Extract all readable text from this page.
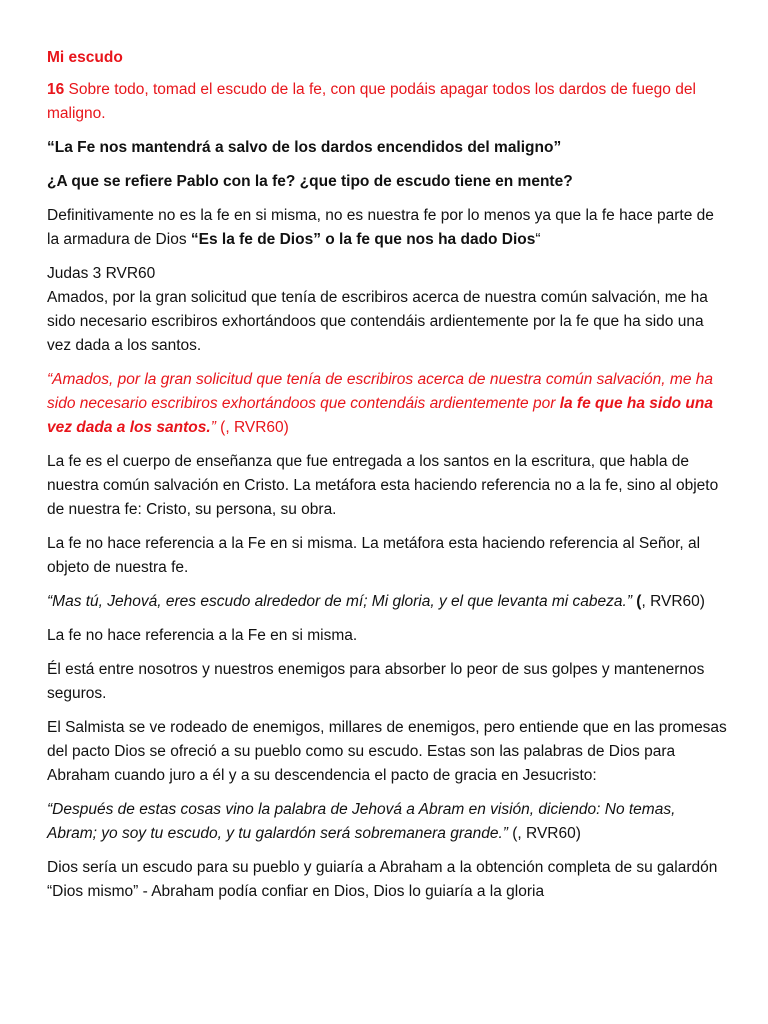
Mi escudo

16 Sobre todo, tomad el escudo de la fe, con que podáis apagar todos los dardos de fuego del maligno.

“La Fe nos mantendrá a salvo de los dardos encendidos del maligno”

¿A que se refiere Pablo con la fe? ¿que tipo de escudo tiene en mente?

Definitivamente no es la fe en si misma, no es nuestra fe por lo menos ya que la fe hace parte de la armadura de Dios “Es la fe de Dios” o la fe que nos ha dado Dios“

Judas 3 RVR60

Amados, por la gran solicitud que tenía de escribiros acerca de nuestra común salvación, me ha sido necesario escribiros exhortándoos que contendáis ardientemente por la fe que ha sido una vez dada a los santos.

“Amados, por la gran solicitud que tenía de escribiros acerca de nuestra común salvación, me ha sido necesario escribiros exhortándoos que contendáis ardientemente por la fe que ha sido una vez dada a los santos.” (, RVR60)

La fe es el cuerpo de enseñanza que fue entregada a los santos en la escritura, que habla de nuestra común salvación en Cristo. La metáfora esta haciendo referencia no a la fe, sino al objeto de nuestra fe: Cristo, su persona, su obra.

La fe no hace referencia a la Fe en si misma. La metáfora esta haciendo referencia al Señor, al objeto de nuestra fe.

“Mas tú, Jehová, eres escudo alrededor de mí; Mi gloria, y el que levanta mi cabeza.” (, RVR60)

La fe no hace referencia a la Fe en si misma.

Él está entre nosotros y nuestros enemigos para absorber lo peor de sus golpes y mantenernos seguros.

El Salmista se ve rodeado de enemigos, millares de enemigos, pero entiende que en las promesas del pacto Dios se ofreció a su pueblo como su escudo. Estas son las palabras de Dios para Abraham cuando juro a él y a su descendencia el pacto de gracia en Jesucristo:

“Después de estas cosas vino la palabra de Jehová a Abram en visión, diciendo: No temas, Abram; yo soy tu escudo, y tu galardón será sobremanera grande.” (, RVR60)

Dios sería un escudo para su pueblo y guiaría a Abraham a la obtención completa de su galardón “Dios mismo” - Abraham podía confiar en Dios, Dios lo guiaría a la gloria
